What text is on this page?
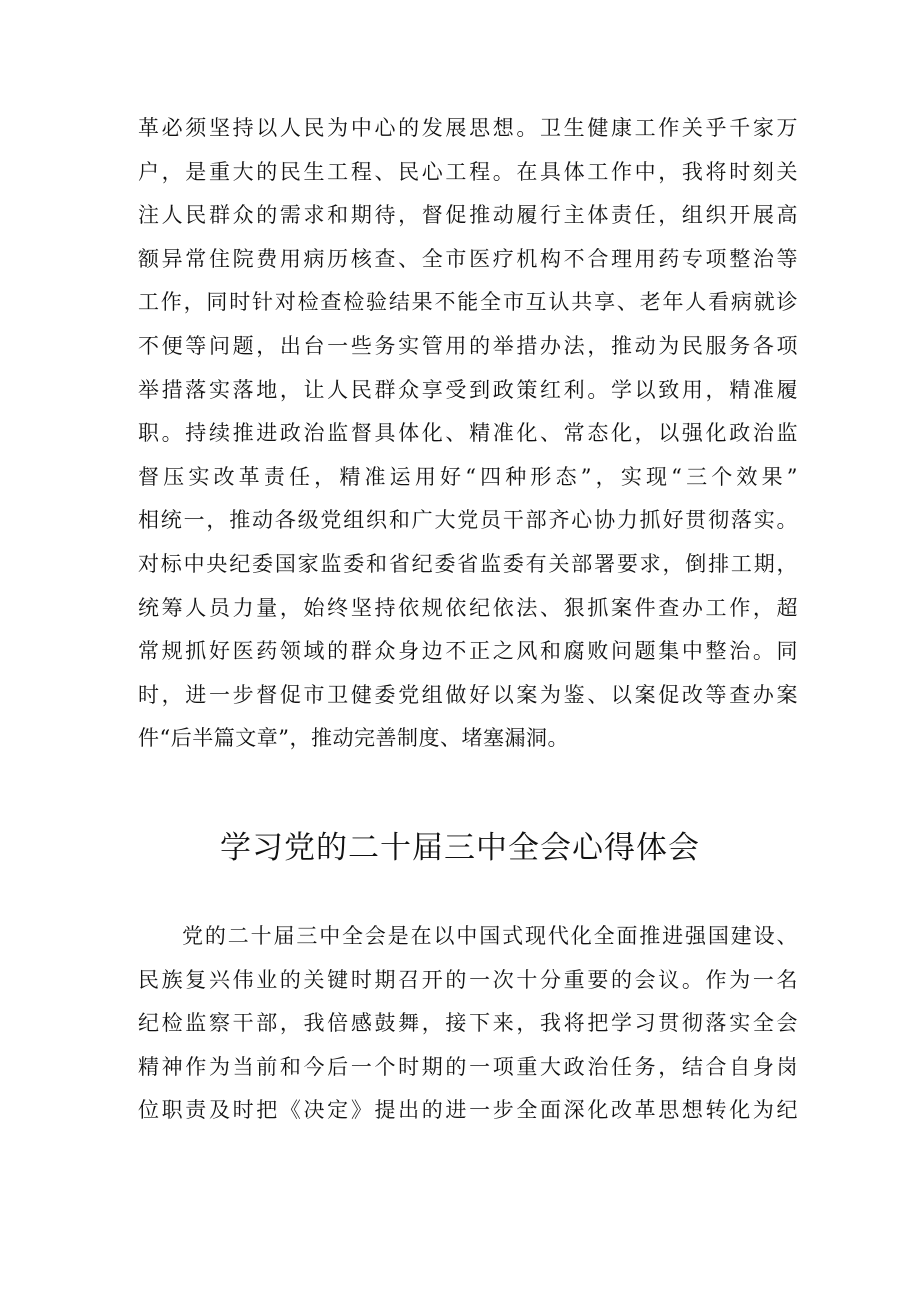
革必须坚持以人民为中心的发展思想。卫生健康工作关乎千家万
户，是重大的民生工程、民心工程。在具体工作中，我将时刻关
注人民群众的需求和期待，督促推动履行主体责任，组织开展高
额异常住院费用病历核查、全市医疗机构不合理用药专项整治等
工作，同时针对检查检验结果不能全市互认共享、老年人看病就诊
不便等问题，出台一些务实管用的举措办法，推动为民服务各项
举措落实落地，让人民群众享受到政策红利。学以致用，精准履
职。持续推进政治监督具体化、精准化、常态化，以强化政治监
督压实改革责任，精准运用好“四种形态”，实现“三个效果”
相统一，推动各级党组织和广大党员干部齐心协力抓好贯彻落实。
对标中央纪委国家监委和省纪委省监委有关部署要求，倒排工期，
统筹人员力量，始终坚持依规依纪依法、狠抓案件查办工作，超
常规抓好医药领域的群众身边不正之风和腐败问题集中整治。同
时，进一步督促市卫健委党组做好以案为鉴、以案促改等查办案
件“后半篇文章”，推动完善制度、堵塞漏洞。
学习党的二十届三中全会心得体会
党的二十届三中全会是在以中国式现代化全面推进强国建设、
民族复兴伟业的关键时期召开的一次十分重要的会议。作为一名
纪检监察干部，我倍感鼓舞，接下来，我将把学习贯彻落实全会
精神作为当前和今后一个时期的一项重大政治任务，结合自身岗
位职责及时把《决定》提出的进一步全面深化改革思想转化为纪
